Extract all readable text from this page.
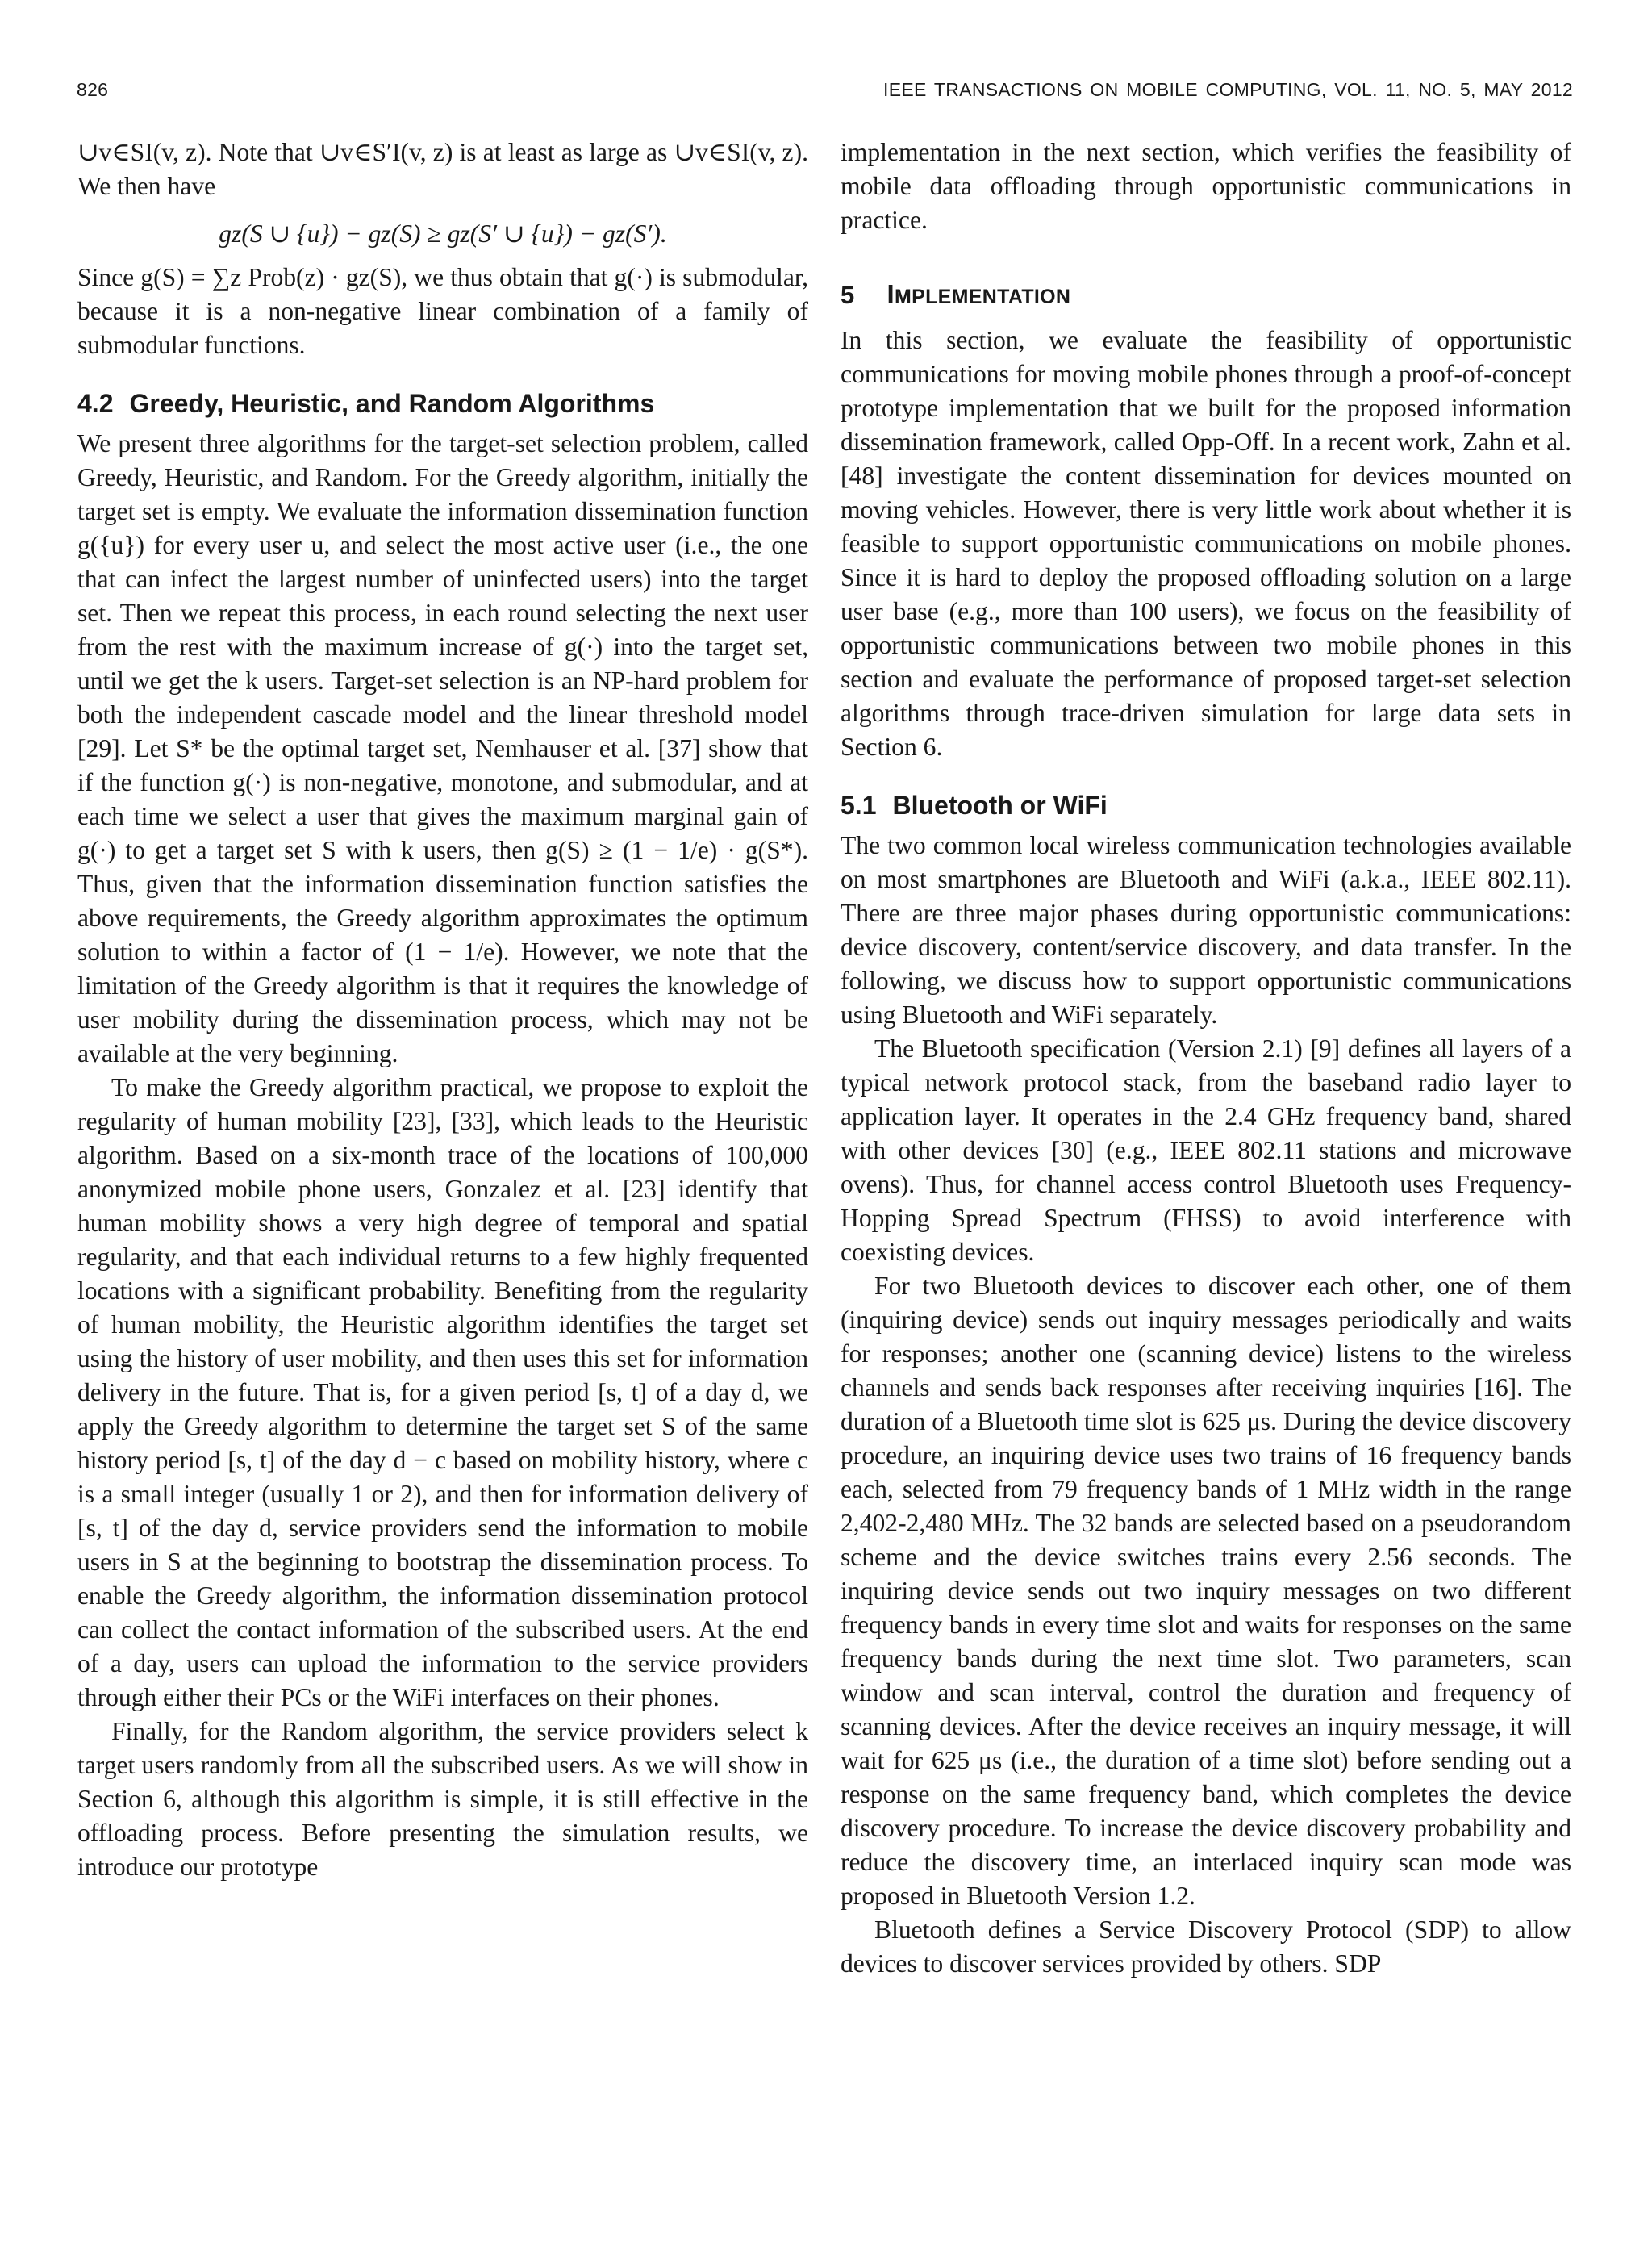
826	IEEE TRANSACTIONS ON MOBILE COMPUTING, VOL. 11, NO. 5, MAY 2012

∪v∈SI(v, z). Note that ∪v∈S′I(v, z) is at least as large as ∪v∈SI(v, z). We then have

gz(S ∪ {u}) − gz(S) ≥ gz(S′ ∪ {u}) − gz(S′).

Since g(S) = ∑z Prob(z) · gz(S), we thus obtain that g(·) is submodular, because it is a non-negative linear combination of a family of submodular functions.

4.2 Greedy, Heuristic, and Random Algorithms

We present three algorithms for the target-set selection problem, called Greedy, Heuristic, and Random. For the Greedy algorithm, initially the target set is empty. We evaluate the information dissemination function g({u}) for every user u, and select the most active user (i.e., the one that can infect the largest number of uninfected users) into the target set. Then we repeat this process, in each round selecting the next user from the rest with the maximum increase of g(·) into the target set, until we get the k users. Target-set selection is an NP-hard problem for both the independent cascade model and the linear threshold model [29]. Let S* be the optimal target set, Nemhauser et al. [37] show that if the function g(·) is non-negative, monotone, and submodular, and at each time we select a user that gives the maximum marginal gain of g(·) to get a target set S with k users, then g(S) ≥ (1 − 1/e) · g(S*). Thus, given that the information dissemination function satisfies the above requirements, the Greedy algorithm approximates the optimum solution to within a factor of (1 − 1/e). However, we note that the limitation of the Greedy algorithm is that it requires the knowledge of user mobility during the dissemination process, which may not be available at the very beginning.

To make the Greedy algorithm practical, we propose to exploit the regularity of human mobility [23], [33], which leads to the Heuristic algorithm. Based on a six-month trace of the locations of 100,000 anonymized mobile phone users, Gonzalez et al. [23] identify that human mobility shows a very high degree of temporal and spatial regularity, and that each individual returns to a few highly frequented locations with a significant probability. Benefiting from the regularity of human mobility, the Heuristic algorithm identifies the target set using the history of user mobility, and then uses this set for information delivery in the future. That is, for a given period [s, t] of a day d, we apply the Greedy algorithm to determine the target set S of the same history period [s, t] of the day d − c based on mobility history, where c is a small integer (usually 1 or 2), and then for information delivery of [s, t] of the day d, service providers send the information to mobile users in S at the beginning to bootstrap the dissemination process. To enable the Greedy algorithm, the information dissemination protocol can collect the contact information of the subscribed users. At the end of a day, users can upload the information to the service providers through either their PCs or the WiFi interfaces on their phones.

Finally, for the Random algorithm, the service providers select k target users randomly from all the subscribed users. As we will show in Section 6, although this algorithm is simple, it is still effective in the offloading process. Before presenting the simulation results, we introduce our prototype

implementation in the next section, which verifies the feasibility of mobile data offloading through opportunistic communications in practice.

5 IMPLEMENTATION

In this section, we evaluate the feasibility of opportunistic communications for moving mobile phones through a proof-of-concept prototype implementation that we built for the proposed information dissemination framework, called Opp-Off. In a recent work, Zahn et al. [48] investigate the content dissemination for devices mounted on moving vehicles. However, there is very little work about whether it is feasible to support opportunistic communications on mobile phones. Since it is hard to deploy the proposed offloading solution on a large user base (e.g., more than 100 users), we focus on the feasibility of opportunistic communications between two mobile phones in this section and evaluate the performance of proposed target-set selection algorithms through trace-driven simulation for large data sets in Section 6.

5.1 Bluetooth or WiFi

The two common local wireless communication technologies available on most smartphones are Bluetooth and WiFi (a.k.a., IEEE 802.11). There are three major phases during opportunistic communications: device discovery, content/service discovery, and data transfer. In the following, we discuss how to support opportunistic communications using Bluetooth and WiFi separately.

The Bluetooth specification (Version 2.1) [9] defines all layers of a typical network protocol stack, from the baseband radio layer to application layer. It operates in the 2.4 GHz frequency band, shared with other devices [30] (e.g., IEEE 802.11 stations and microwave ovens). Thus, for channel access control Bluetooth uses Frequency-Hopping Spread Spectrum (FHSS) to avoid interference with coexisting devices.

For two Bluetooth devices to discover each other, one of them (inquiring device) sends out inquiry messages periodically and waits for responses; another one (scanning device) listens to the wireless channels and sends back responses after receiving inquiries [16]. The duration of a Bluetooth time slot is 625 μs. During the device discovery procedure, an inquiring device uses two trains of 16 frequency bands each, selected from 79 frequency bands of 1 MHz width in the range 2,402-2,480 MHz. The 32 bands are selected based on a pseudorandom scheme and the device switches trains every 2.56 seconds. The inquiring device sends out two inquiry messages on two different frequency bands in every time slot and waits for responses on the same frequency bands during the next time slot. Two parameters, scan window and scan interval, control the duration and frequency of scanning devices. After the device receives an inquiry message, it will wait for 625 μs (i.e., the duration of a time slot) before sending out a response on the same frequency band, which completes the device discovery procedure. To increase the device discovery probability and reduce the discovery time, an interlaced inquiry scan mode was proposed in Bluetooth Version 1.2.

Bluetooth defines a Service Discovery Protocol (SDP) to allow devices to discover services provided by others. SDP
